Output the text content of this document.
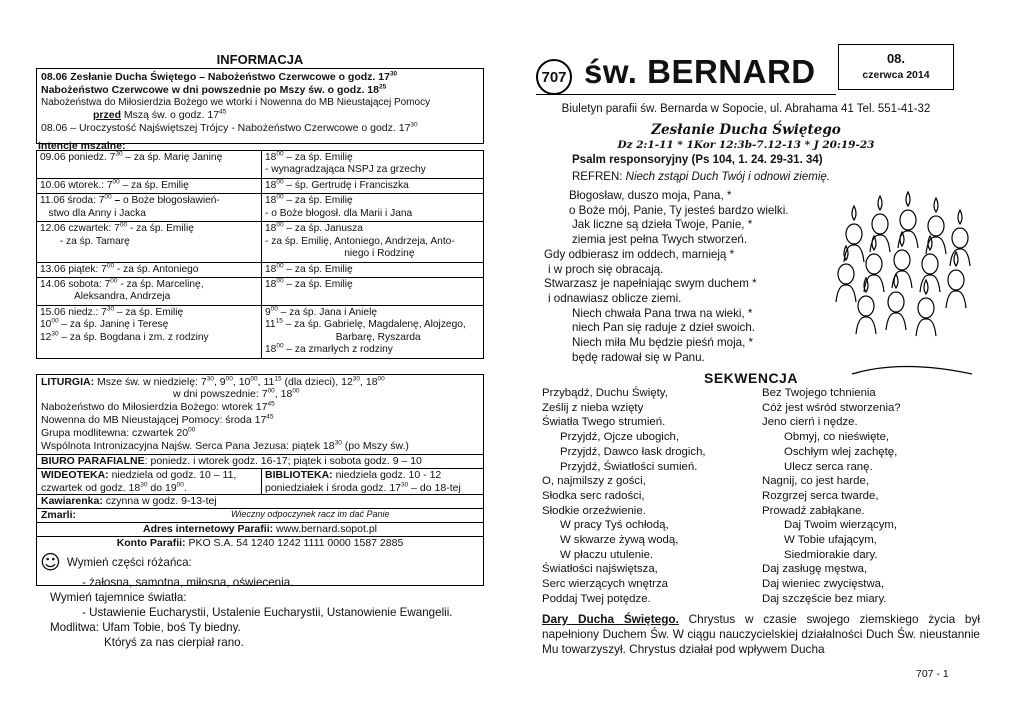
INFORMACJA
08.06 Zesłanie Ducha Świętego – Nabożeństwo Czerwcowe o godz. $17^{30}$
Nabożeństwo Czerwcowe w dni powszednie po Mszy św. o godz. $18^{25}$
Nabożeństwa do Miłosierdzia Bożego we wtorki i Nowenna do MB Nieustającej Pomocy
przed Mszą św. o godz. $17^{45}$
08.06 – Uroczystość Najświętszej Trójcy - Nabożeństwo Czerwcowe o godz. $17^{30}$
Intencje mszalne:
09.06 poniedz. $7^{30}$ – za śp. Marię Janinę	$18^{00}$ – za śp. Emilię
- wynagradzająca NSPJ za grzechy
10.06 wtorek.: $7^{00}$ – za śp. Emilię	$18^{00}$ – śp. Gertrudę i Franciszka
11.06 środa: $7^{00}$ – o Boże błogosławień-
stwo dla Anny i Jacka	$18^{00}$ – za śp. Emilię
- o Boże błogosł. dla Marii i Jana
12.06 czwartek: $7^{00}$ - za śp. Emilię
- za śp. Tamarę	$18^{00}$ – za śp. Janusza
- za śp. Emilię, Antoniego, Andrzeja, Anto-
niego i Rodzinę
13.06 piątek: $7^{00}$ - za śp. Antoniego	$18^{00}$ – za śp. Emilię
14.06 sobota: $7^{00}$ - za śp. Marcelinę,
Aleksandra, Andrzeja	$18^{00}$ – za śp. Emilię
15.06 niedz.: $7^{30}$ – za śp. Emilię
$10^{00}$ – za śp. Janinę i Teresę
$12^{30}$ – za śp. Bogdana i zm. z rodziny	$9^{00}$ – za śp. Jana i Anielę
$11^{15}$ – za śp. Gabrielę, Magdalenę, Alojzego,
Barbarę, Ryszarda
$18^{00}$ – za zmarłych z rodziny
LITURGIA: Msze św. w niedzielę: $7^{30}$, $9^{00}$, $10^{00}$, $11^{15}$ (dla dzieci), $12^{30}$, $18^{00}$
w dni powszednie: $7^{00}$, $18^{00}$
Nabożeństwo do Miłosierdzia Bożego: wtorek $17^{45}$
Nowenna do MB Nieustającej Pomocy: środa $17^{45}$
Grupa modlitewna: czwartek $20^{00}$
Wspólnota Intronizacyjna Najśw. Serca Pana Jezusa: piątek $18^{30}$ (po Mszy św.)
BIURO PARAFIALNE: poniedz. i wtorek godz. 16-17; piątek i sobota godz. 9 – 10
WIDEOTEKA: niedziela od godz. 10 – 11,
czwartek od godz. $18^{30}$ do $19^{00}$.
BIBLIOTEKA: niedziela godz. 10 - 12
poniedziałek i środa godz. $17^{30}$ – do 18-tej
Kawiarenka: czynna w godz. 9-13-tej
Zmarli:	Wieczny odpoczynek racz im dać Panie
Adres internetowy Parafii: www.bernard.sopot.pl
Konto Parafii: PKO S.A. 54 1240 1242 1111 0000 1587 2885
☺ Wymień części różańca:
- żałosna, samotna, miłosna, oświecenia.
Wymień tajemnice światła:
- Ustawienie Eucharystii, Ustalenie Eucharystii, Ustanowienie Ewangelii.
Modlitwa: Ufam Tobie, boś Ty biedny.
Któryś za nas cierpiał rano.
707 św. BERNARD	08.
czerwca 2014
Biuletyn parafii św. Bernarda w Sopocie, ul. Abrahama 41 Tel. 551-41-32
Zesłanie Ducha Świętego
Dz 2:1-11 * 1Kor 12:3b-7.12-13 * J 20:19-23
Psalm responsoryjny (Ps 104, 1. 24. 29-31. 34)
REFREN: Niech zstąpi Duch Twój i odnowi ziemię.
Błogosław, duszo moja, Pana, *
o Boże mój, Panie, Ty jesteś bardzo wielki.
Jak liczne są dzieła Twoje, Panie, *
ziemia jest pełna Twych stworzeń.
Gdy odbierasz im oddech, marnieją *
i w proch się obracają.
Stwarzasz je napełniając swym duchem *
i odnawiasz oblicze ziemi.
Niech chwała Pana trwa na wieki, *
niech Pan się raduje z dzieł swoich.
Niech miła Mu będzie pieśń moja, *
będę radował się w Panu.
SEKWENCJA
Przybądź, Duchu Święty,
Ześlij z nieba wzięty
Światła Twego strumień.
Przyjdź, Ojcze ubogich,
Przyjdź, Dawco łask drogich,
Przyjdź, Światłości sumień.
O, najmilszy z gości,
Słodka serc radości,
Słodkie orzeźwienie.
W pracy Tyś ochłodą,
W skwarze żywą wodą,
W płaczu utulenie.
Światłości najświętsza,
Serc wierzących wnętrza
Poddaj Twej potędze.
Bez Twojego tchnienia
Cóż jest wśród stworzenia?
Jeno cierń i nędze.
Obmyj, co nieświęte,
Oschłym wlej zachętę,
Ulecz serca ranę.
Nagnij, co jest harde,
Rozgrzej serca twarde,
Prowadź zabłąkane.
Daj Twoim wierzącym,
W Tobie ufającym,
Siedmiorakie dary.
Daj zasługę męstwa,
Daj wieniec zwycięstwa,
Daj szczęście bez miary.
Dary Ducha Świętego. Chrystus w czasie swojego ziemskiego życia był napełniony Duchem Św. W ciągu nauczycielskiej działalności Duch Św. nieustannie Mu towarzyszył. Chrystus działał pod wpływem Ducha
707 - 1
